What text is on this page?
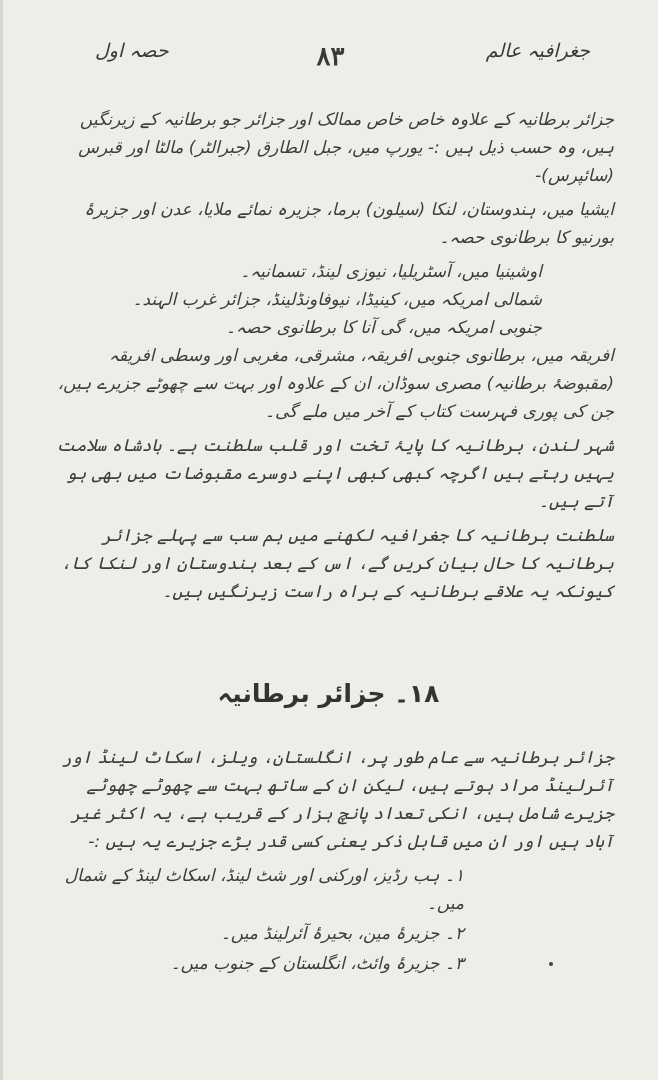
جغرافیہ عالم
۸۳
حصہ اول

جزائر برطانیہ کے علاوہ خاص خاص ممالک اور جزائر جو برطانیہ کے زیرنگیں ہیں، وہ حسب ذیل ہیں :- یورپ میں، جبل الطارق (جبرالٹر) مالٹا اور قبرس (سائپرس)-

ایشیا میں، ہندوستان، لنکا (سیلون) برما، جزیرہ نمائے ملایا، عدن اور جزیرۂ بورنیو کا برطانوی حصہ۔

اوشینیا میں، آسٹریلیا، نیوزی لینڈ، تسمانیہ۔

شمالی امریکہ میں، کینیڈا، نیوفاونڈلینڈ، جزائر غرب الہند۔

جنوبی امریکہ میں، گی آنا کا برطانوی حصہ۔

افریقہ میں، برطانوی جنوبی افریقہ، مشرقی، مغربی اور وسطی افریقہ (مقبوضۂ برطانیہ) مصری سوڈان، ان کے علاوہ اور بہت سے چھوٹے جزیرے ہیں، جن کی پوری فہرست کتاب کے آخر میں ملے گی۔

شہر لندن، برطانیہ کا پایۂ تخت اور قلب سلطنت ہے۔ بادشاہ سلامت یہیں رہتے ہیں اگرچہ کبھی کبھی اپنے دوسرے مقبوضات میں بھی ہو آتے ہیں۔

سلطنت برطانیہ کا جغرافیہ لکھنے میں ہم سب سے پہلے جزائر برطانیہ کا حال بیان کریں گے، اس کے بعد ہندوستان اور لنکا کا، کیونکہ یہ علاقے برطانیہ کے براہ راست زیرنگیں ہیں۔

۱۸۔ جزائر برطانیہ

جزائر برطانیہ سے عام طور پر، انگلستان، ویلز، اسکاٹ لینڈ اور آئرلینڈ مراد ہوتے ہیں، لیکن ان کے ساتھ بہت سے چھوٹے چھوٹے جزیرے شامل ہیں، انکی تعداد پانچ ہزار کے قریب ہے، یہ اکثر غیر آباد ہیں اور ان میں قابل ذکر یعنی کسی قدر بڑے جزیرے یہ ہیں :-

۱۔ ہب رڈیز، اورکنی اور شٹ لینڈ، اسکاٹ لینڈ کے شمال میں۔

۲۔ جزیرۂ مین، بحیرۂ آئرلینڈ میں۔

۳۔ جزیرۂ وائٹ، انگلستان کے جنوب میں۔
